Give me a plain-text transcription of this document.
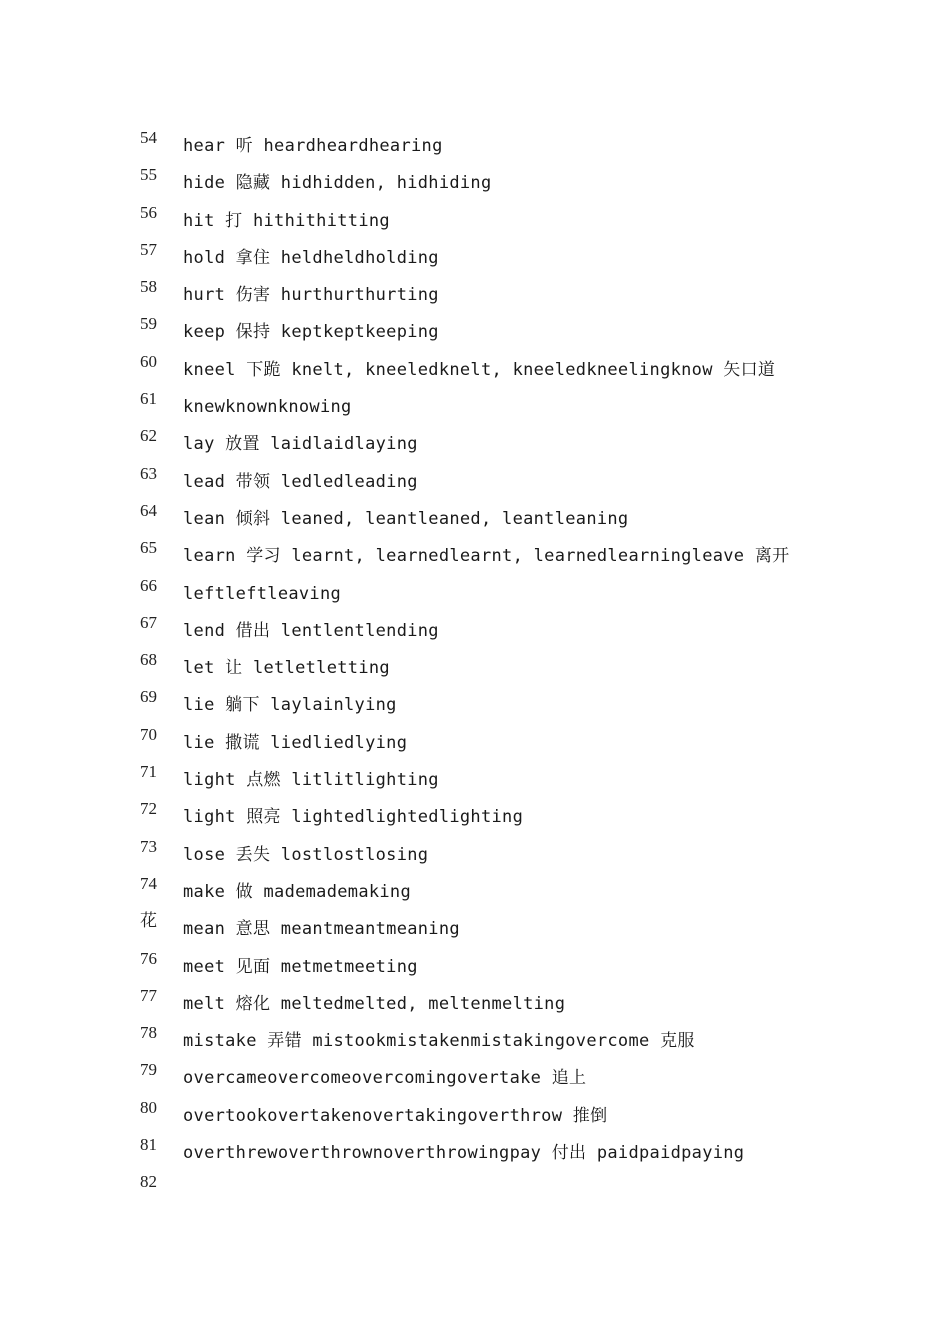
54
55
56
57
58
59
60
61
62
63
64
65
66
67
68
69
70
71
72
73
74
花
76
77
78
79
80
81
82
hear 听 heardheardhearing
hide 隐藏 hidhidden, hidhiding
hit 打 hithithitting
hold 拿住 heldheldholding
hurt 伤害 hurthurthurting
keep 保持 keptkeptkeeping
kneel 下跪 knelt, kneeledknelt, kneeledkneelingknow 矢口道
knewknownknowing
lay 放置 laidlaidlaying
lead 带领 ledledleading
lean 倾斜 leaned, leantleaned, leantleaning
learn 学习 learnt, learnedlearnt, learnedlearningleave 离开
leftleftleaving
lend 借出 lentlentlending
let 让 letletletting
lie 躺下 laylainlying
lie 撒谎 liedliedlying
light 点燃 litlitlighting
light 照亮 lightedlightedlighting
lose 丢失 lostlostlosing
make 做 mademademaking
mean 意思 meantmeantmeaning
meet 见面 metmetmeeting
melt 熔化 meltedmelted, meltenmelting
mistake 弄错 mistookmistakenmistakingovercome 克服
overcameovercomeovercomingovertake 追上
overtookovertakenovertakingoverthrow 推倒
overthrewoverthrownoverthrowingpay 付出 paidpaidpaying
